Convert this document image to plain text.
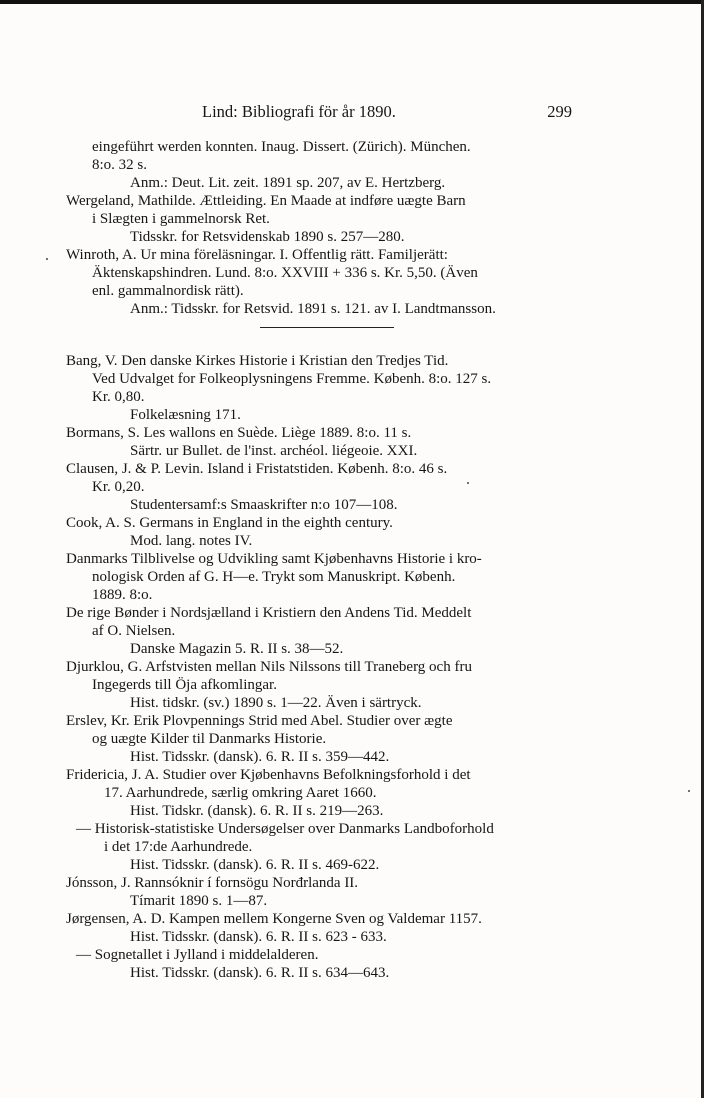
Lind: Bibliografi för år 1890.	299
eingeführt werden konnten. Inaug. Dissert. (Zürich). München.
8:o. 32 s.
Anm.: Deut. Lit. zeit. 1891 sp. 207, av E. Hertzberg.
Wergeland, Mathilde. Ættleiding. En Maade at indføre uægte Barn
i Slægten i gammelnorsk Ret.
Tidsskr. for Retsvidenskab 1890 s. 257—280.
Winroth, A. Ur mina föreläsningar. I. Offentlig rätt. Familjerätt:
Äktenskapshindren. Lund. 8:o. XXVIII + 336 s. Kr. 5,50. (Även
enl. gammalnordisk rätt).
Anm.: Tidsskr. for Retsvid. 1891 s. 121. av I. Landtmansson.
Bang, V. Den danske Kirkes Historie i Kristian den Tredjes Tid.
Ved Udvalget for Folkeoplysningens Fremme. Københ. 8:o. 127 s.
Kr. 0,80.
Folkelæsning 171.
Bormans, S. Les wallons en Suède. Liège 1889. 8:o. 11 s.
Särtr. ur Bullet. de l'inst. archéol. liégeoie. XXI.
Clausen, J. & P. Levin. Island i Fristatstiden. Københ. 8:o. 46 s.
Kr. 0,20.
Studentersamf:s Smaaskrifter n:o 107—108.
Cook, A. S. Germans in England in the eighth century.
Mod. lang. notes IV.
Danmarks Tilblivelse og Udvikling samt Kjøbenhavns Historie i kro-
nologisk Orden af G. H—e. Trykt som Manuskript. Københ.
1889. 8:o.
De rige Bønder i Nordsjælland i Kristiern den Andens Tid. Meddelt
af O. Nielsen.
Danske Magazin 5. R. II s. 38—52.
Djurklou, G. Arfstvisten mellan Nils Nilssons till Traneberg och fru
Ingegerds till Öja afkomlingar.
Hist. tidskr. (sv.) 1890 s. 1—22. Även i särtryck.
Erslev, Kr. Erik Plovpennings Strid med Abel. Studier over ægte
og uægte Kilder til Danmarks Historie.
Hist. Tidsskr. (dansk). 6. R. II s. 359—442.
Fridericia, J. A. Studier over Kjøbenhavns Befolkningsforhold i det
17. Aarhundrede, særlig omkring Aaret 1660.
Hist. Tidskr. (dansk). 6. R. II s. 219—263.
— Historisk-statistiske Undersøgelser over Danmarks Landboforhold
i det 17:de Aarhundrede.
Hist. Tidsskr. (dansk). 6. R. II s. 469-622.
Jónsson, J. Rannsóknir í fornsögu Norđrlanda II.
Tímarit 1890 s. 1—87.
Jørgensen, A. D. Kampen mellem Kongerne Sven og Valdemar 1157.
Hist. Tidsskr. (dansk). 6. R. II s. 623 - 633.
— Sognetallet i Jylland i middelalderen.
Hist. Tidsskr. (dansk). 6. R. II s. 634—643.
